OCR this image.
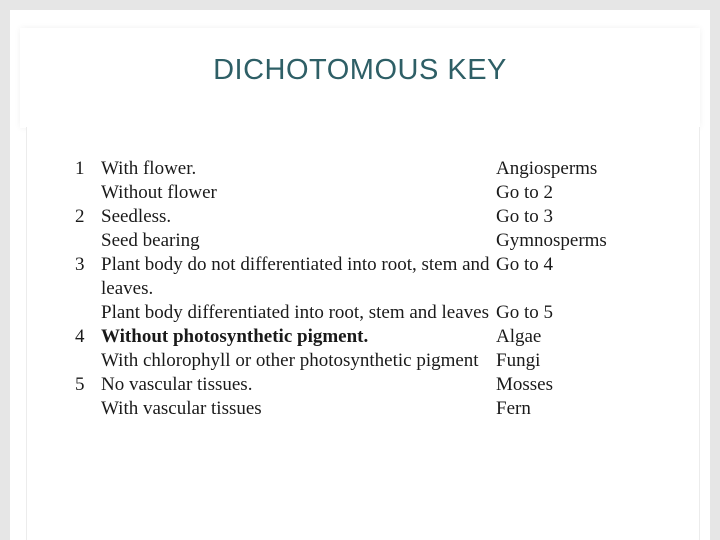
DICHOTOMOUS KEY
1	With flower.	Angiosperms
	Without flower	Go to 2
2	Seedless.	Go to 3
	Seed bearing	Gymnosperms
3	Plant body do not differentiated into root, stem and leaves.	Go to 4
	Plant body differentiated into root, stem and leaves	Go to 5
4	Without photosynthetic pigment.	Algae
	With chlorophyll or other photosynthetic pigment	Fungi
5	No vascular tissues.	Mosses
	With vascular tissues	Fern
